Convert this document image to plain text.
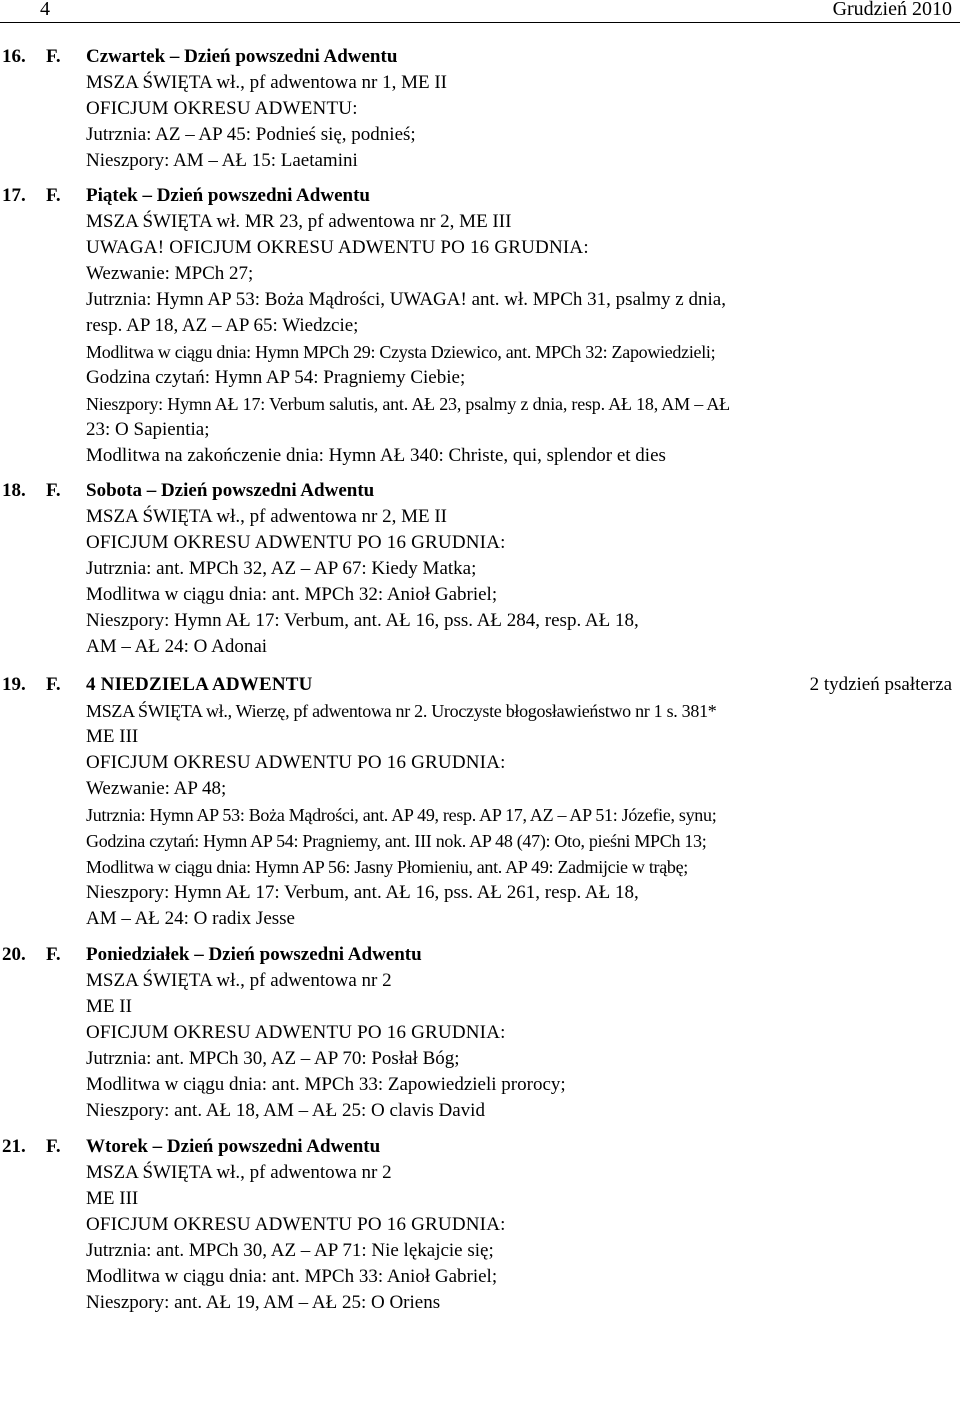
4	Grudzień 2010
16. F.	Czwartek – Dzień powszedni Adwentu
MSZA ŚWIĘTA wł., pf adwentowa nr 1, ME II
OFICJUM OKRESU ADWENTU:
Jutrznia: AZ – AP 45: Podnieś się, podnieś;
Nieszpory: AM – AŁ 15: Laetamini
17. F.	Piątek – Dzień powszedni Adwentu
MSZA ŚWIĘTA wł. MR 23, pf adwentowa nr 2, ME III
UWAGA! OFICJUM OKRESU ADWENTU PO 16 GRUDNIA:
Wezwanie: MPCh 27;
Jutrznia: Hymn AP 53: Boża Mądrości, UWAGA! ant. wł. MPCh 31, psalmy z dnia,
resp. AP 18, AZ – AP 65: Wiedzcie;
Modlitwa w ciągu dnia: Hymn MPCh 29: Czysta Dziewico, ant. MPCh 32: Zapowiedzieli;
Godzina czytań: Hymn AP 54: Pragniemy Ciebie;
Nieszpory: Hymn AŁ 17: Verbum salutis, ant. AŁ 23, psalmy z dnia, resp. AŁ 18, AM – AŁ
23: O Sapientia;
Modlitwa na zakończenie dnia: Hymn AŁ 340: Christe, qui, splendor et dies
18. F.	Sobota – Dzień powszedni Adwentu
MSZA ŚWIĘTA wł., pf adwentowa nr 2, ME II
OFICJUM OKRESU ADWENTU PO 16 GRUDNIA:
Jutrznia: ant. MPCh 32, AZ – AP 67: Kiedy Matka;
Modlitwa w ciągu dnia: ant. MPCh 32: Anioł Gabriel;
Nieszpory: Hymn AŁ 17: Verbum, ant. AŁ 16, pss. AŁ 284, resp. AŁ 18,
AM – AŁ 24: O Adonai
19. F.	4 NIEDZIELA ADWENTU	2 tydzień psałterza
MSZA ŚWIĘTA wł., Wierzę, pf adwentowa nr 2. Uroczyste błogosławieństwo nr 1 s. 381*
ME III
OFICJUM OKRESU ADWENTU PO 16 GRUDNIA:
Wezwanie: AP 48;
Jutrznia: Hymn AP 53: Boża Mądrości, ant. AP 49, resp. AP 17, AZ – AP 51: Józefie, synu;
Godzina czytań: Hymn AP 54: Pragniemy, ant. III nok. AP 48 (47): Oto, pieśni MPCh 13;
Modlitwa w ciągu dnia: Hymn AP 56: Jasny Płomieniu, ant. AP 49: Zadmijcie w trąbę;
Nieszpory: Hymn AŁ 17: Verbum, ant. AŁ 16, pss. AŁ 261, resp. AŁ 18,
AM – AŁ 24: O radix Jesse
20. F.	Poniedziałek – Dzień powszedni Adwentu
MSZA ŚWIĘTA wł., pf adwentowa nr 2
ME II
OFICJUM OKRESU ADWENTU PO 16 GRUDNIA:
Jutrznia: ant. MPCh 30, AZ – AP 70: Posłał Bóg;
Modlitwa w ciągu dnia: ant. MPCh 33: Zapowiedzieli prorocy;
Nieszpory: ant. AŁ 18, AM – AŁ 25: O clavis David
21. F.	Wtorek – Dzień powszedni Adwentu
MSZA ŚWIĘTA wł., pf adwentowa nr 2
ME III
OFICJUM OKRESU ADWENTU PO 16 GRUDNIA:
Jutrznia: ant. MPCh 30, AZ – AP 71: Nie lękajcie się;
Modlitwa w ciągu dnia: ant. MPCh 33: Anioł Gabriel;
Nieszpory: ant. AŁ 19, AM – AŁ 25: O Oriens
